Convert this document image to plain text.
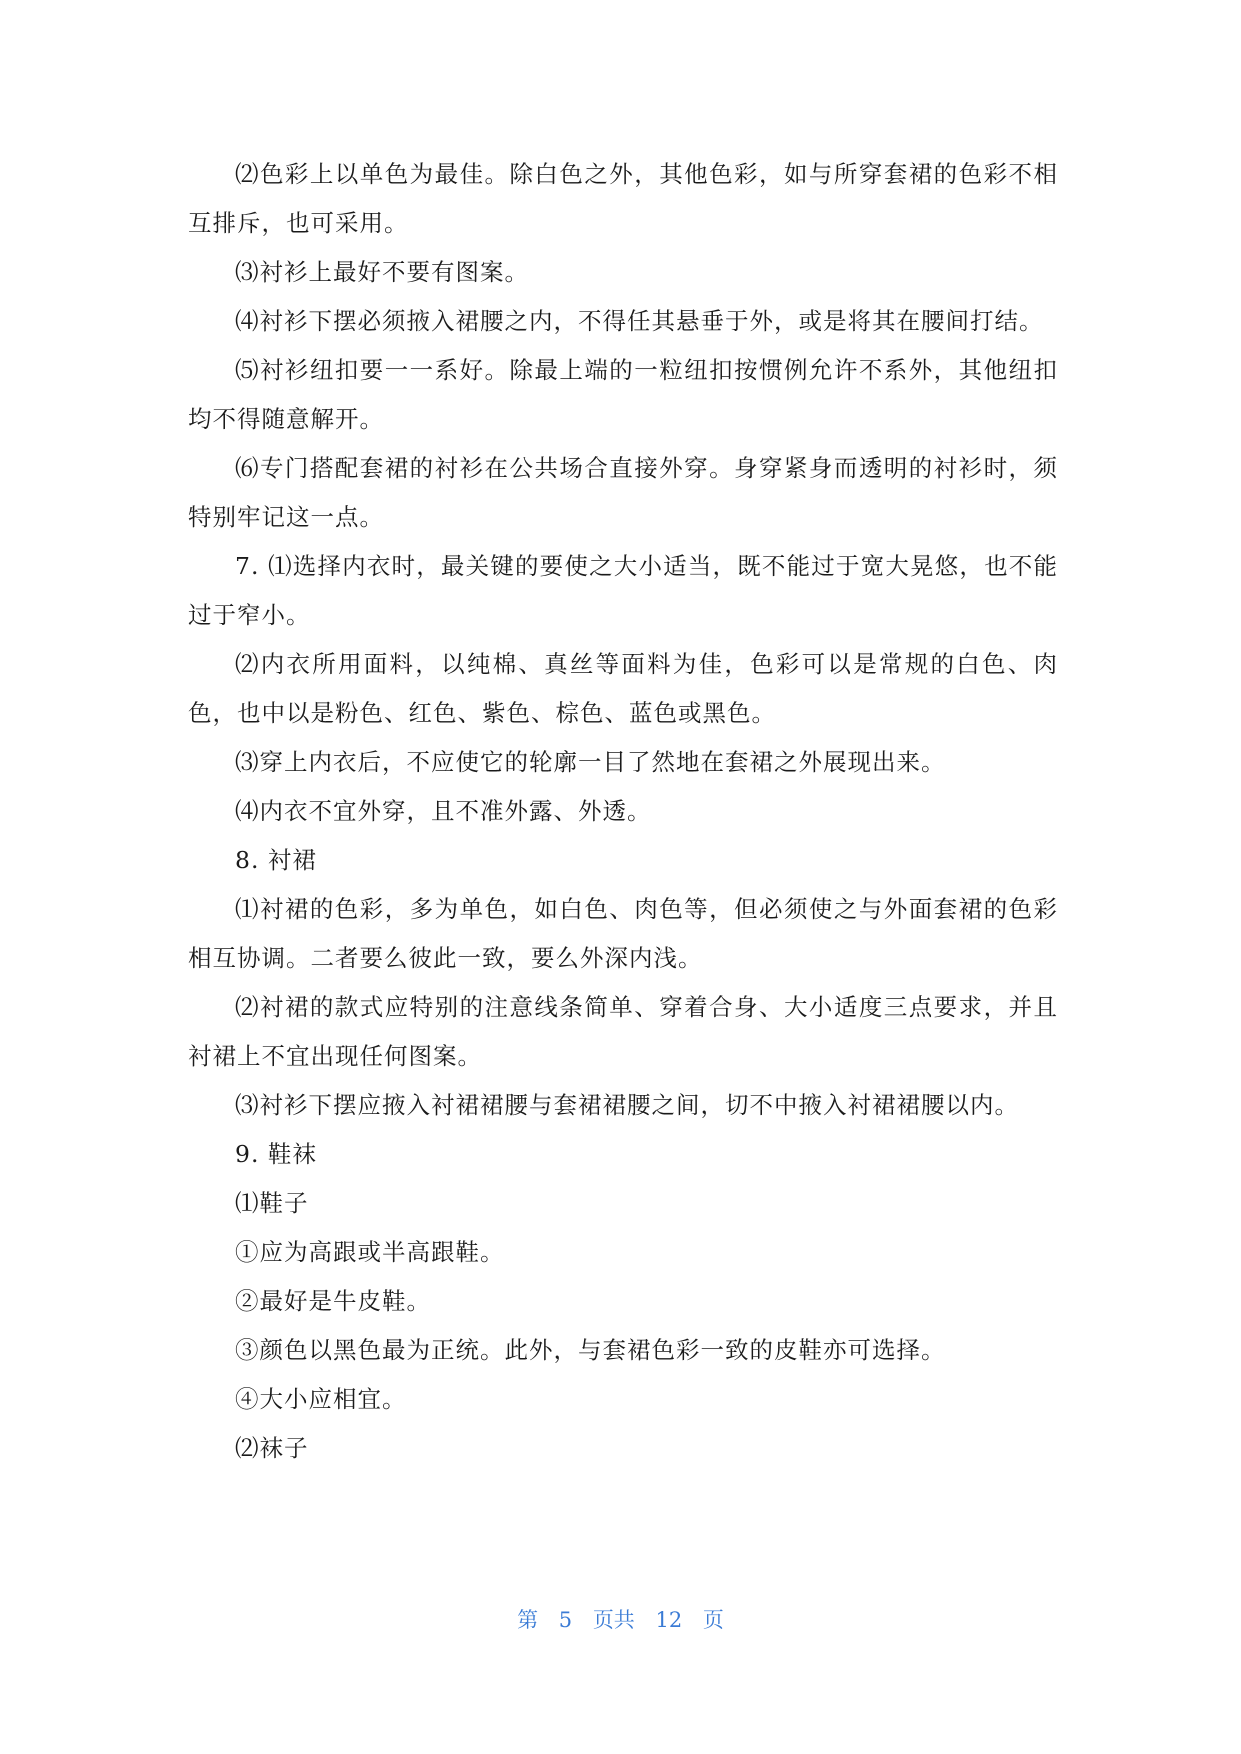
⑵色彩上以单色为最佳。除白色之外，其他色彩，如与所穿套裙的色彩不相互排斥，也可采用。

⑶衬衫上最好不要有图案。

⑷衬衫下摆必须掖入裙腰之内，不得任其悬垂于外，或是将其在腰间打结。

⑸衬衫纽扣要一一系好。除最上端的一粒纽扣按惯例允许不系外，其他纽扣均不得随意解开。

⑹专门搭配套裙的衬衫在公共场合直接外穿。身穿紧身而透明的衬衫时，须特别牢记这一点。

7. ⑴选择内衣时，最关键的要使之大小适当，既不能过于宽大晃悠，也不能过于窄小。

⑵内衣所用面料，以纯棉、真丝等面料为佳，色彩可以是常规的白色、肉色，也中以是粉色、红色、紫色、棕色、蓝色或黑色。

⑶穿上内衣后，不应使它的轮廓一目了然地在套裙之外展现出来。

⑷内衣不宜外穿，且不准外露、外透。

8. 衬裙

⑴衬裙的色彩，多为单色，如白色、肉色等，但必须使之与外面套裙的色彩相互协调。二者要么彼此一致，要么外深内浅。

⑵衬裙的款式应特别的注意线条简单、穿着合身、大小适度三点要求，并且衬裙上不宜出现任何图案。

⑶衬衫下摆应掖入衬裙裙腰与套裙裙腰之间，切不中掖入衬裙裙腰以内。

9. 鞋袜

⑴鞋子

①应为高跟或半高跟鞋。

②最好是牛皮鞋。

③颜色以黑色最为正统。此外，与套裙色彩一致的皮鞋亦可选择。

④大小应相宜。

⑵袜子

第 5 页共 12 页
